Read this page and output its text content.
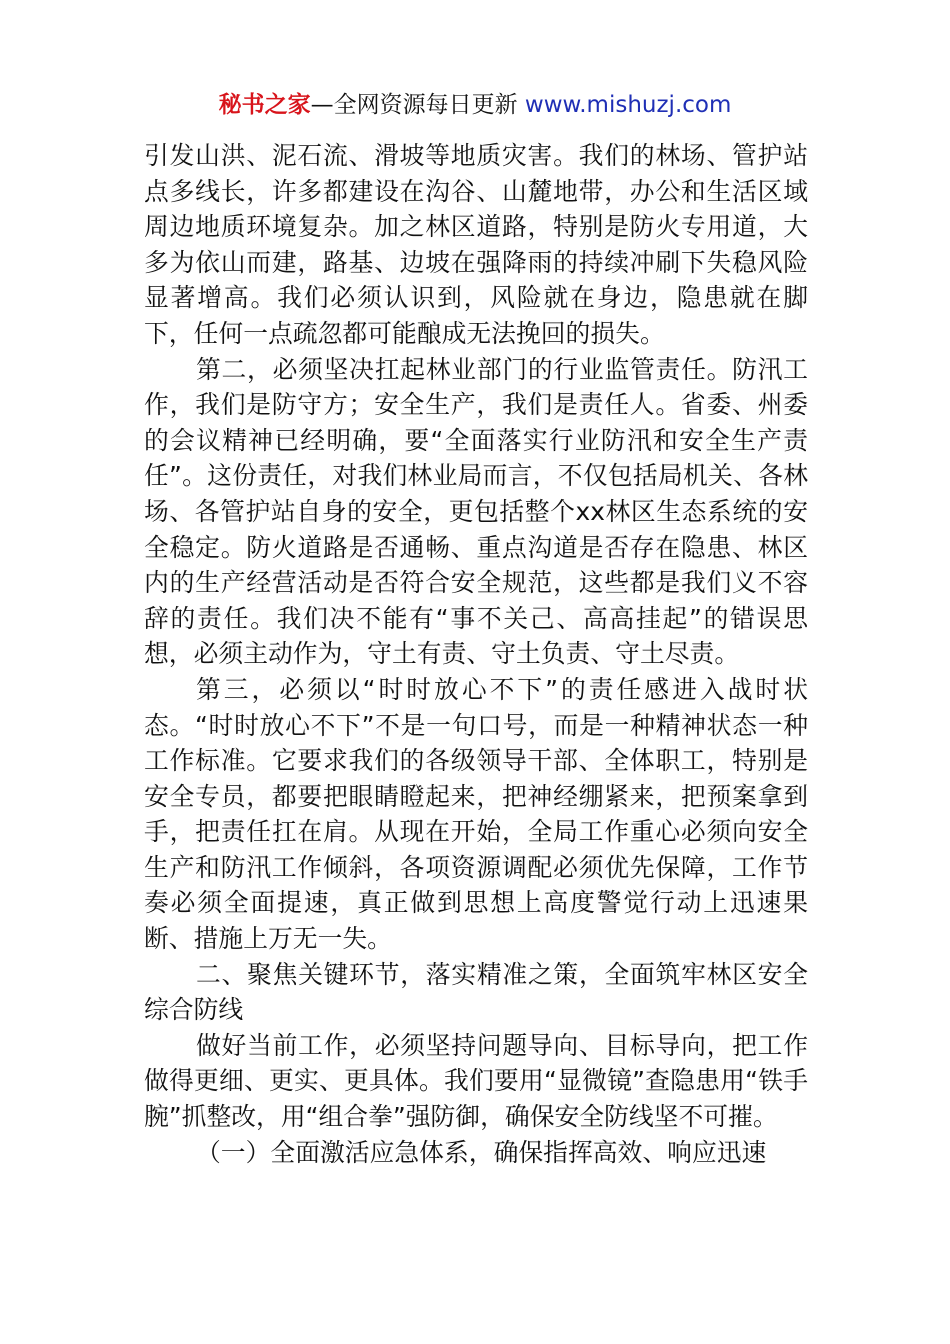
秘书之家—全网资源每日更新 www.mishuzj.com

引发山洪、泥石流、滑坡等地质灾害。我们的林场、管护站点多线长，许多都建设在沟谷、山麓地带，办公和生活区域周边地质环境复杂。加之林区道路，特别是防火专用道，大多为依山而建，路基、边坡在强降雨的持续冲刷下失稳风险显著增高。我们必须认识到，风险就在身边，隐患就在脚下，任何一点疏忽都可能酿成无法挽回的损失。

第二，必须坚决扛起林业部门的行业监管责任。防汛工作，我们是防守方；安全生产，我们是责任人。省委、州委的会议精神已经明确，要“全面落实行业防汛和安全生产责任”。这份责任，对我们林业局而言，不仅包括局机关、各林场、各管护站自身的安全，更包括整个xx林区生态系统的安全稳定。防火道路是否通畅、重点沟道是否存在隐患、林区内的生产经营活动是否符合安全规范，这些都是我们义不容辞的责任。我们决不能有“事不关己、高高挂起”的错误思想，必须主动作为，守土有责、守土负责、守土尽责。

第三，必须以“时时放心不下”的责任感进入战时状态。“时时放心不下”不是一句口号，而是一种精神状态一种工作标准。它要求我们的各级领导干部、全体职工，特别是安全专员，都要把眼睛瞪起来，把神经绷紧来，把预案拿到手，把责任扛在肩。从现在开始，全局工作重心必须向安全生产和防汛工作倾斜，各项资源调配必须优先保障，工作节奏必须全面提速，真正做到思想上高度警觉行动上迅速果断、措施上万无一失。

二、聚焦关键环节，落实精准之策，全面筑牢林区安全综合防线

做好当前工作，必须坚持问题导向、目标导向，把工作做得更细、更实、更具体。我们要用“显微镜”查隐患用“铁手腕”抓整改，用“组合拳”强防御，确保安全防线坚不可摧。

（一）全面激活应急体系，确保指挥高效、响应迅速
